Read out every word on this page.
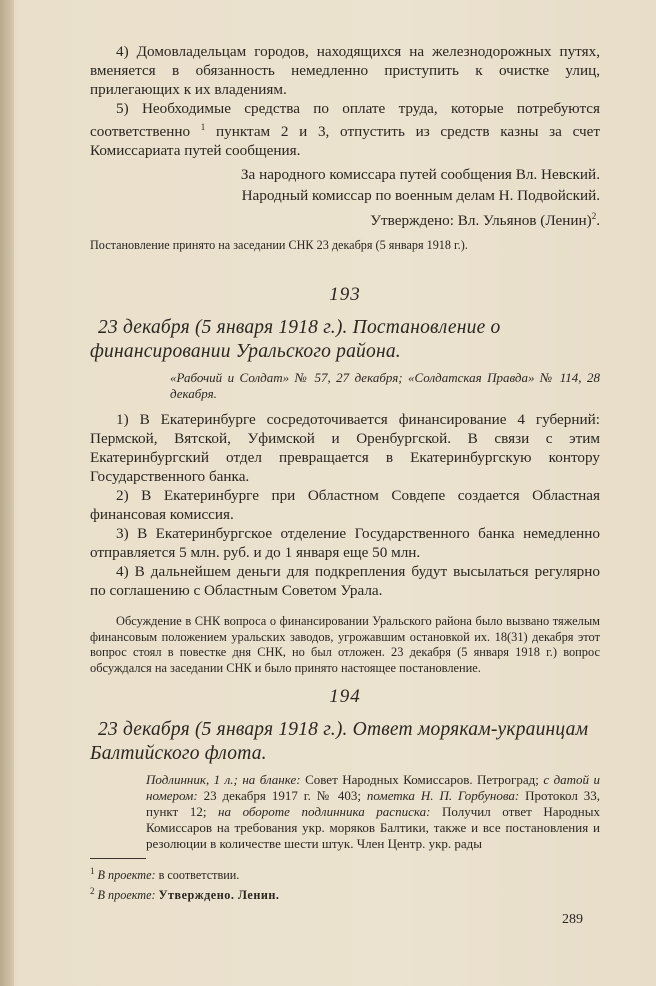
4) Домовладельцам городов, находящихся на железнодорожных путях, вменяется в обязанность немедленно приступить к очистке улиц, прилегающих к их владениям.

5) Необходимые средства по оплате труда, которые потребуются соответственно $^1$ пунктам 2 и 3, отпустить из средств казны за счет Комиссариата путей сообщения.

За народного комиссара путей сообщения Вл. Невский.

Народный комиссар по военным делам Н. Подвойский.

Утверждено: Вл. Ульянов (Ленин)$^2$.

Постановление принято на заседании СНК 23 декабря (5 января 1918 г.).

193

23 декабря (5 января 1918 г.). Постановление о финансировании Уральского района.

«Рабочий и Солдат» № 57, 27 декабря; «Солдатская Правда» № 114, 28 декабря.

1) В Екатеринбурге сосредоточивается финансирование 4 губерний: Пермской, Вятской, Уфимской и Оренбургской. В связи с этим Екатеринбургский отдел превращается в Екатеринбургскую контору Государственного банка.

2) В Екатеринбурге при Областном Совдепе создается Областная финансовая комиссия.

3) В Екатеринбургское отделение Государственного банка немедленно отправляется 5 млн. руб. и до 1 января еще 50 млн.

4) В дальнейшем деньги для подкрепления будут высылаться регулярно по соглашению с Областным Советом Урала.

Обсуждение в СНК вопроса о финансировании Уральского района было вызвано тяжелым финансовым положением уральских заводов, угрожавшим остановкой их. 18(31) декабря этот вопрос стоял в повестке дня СНК, но был отложен. 23 декабря (5 января 1918 г.) вопрос обсуждался на заседании СНК и было принято настоящее постановление.

194

23 декабря (5 января 1918 г.). Ответ морякам-украинцам Балтийского флота.

Подлинник, 1 л.; на бланке: Совет Народных Комиссаров. Петроград; с датой и номером: 23 декабря 1917 г. № 403; пометка Н. П. Горбунова: Протокол 33, пункт 12; на обороте подлинника расписка: Получил ответ Народных Комиссаров на требования укр. моряков Балтики, также и все постановления и резолюции в количестве шести штук. Член Центр. укр. рады

$^1$ В проекте: в соответствии.

$^2$ В проекте: Утверждено. Ленин.

289
